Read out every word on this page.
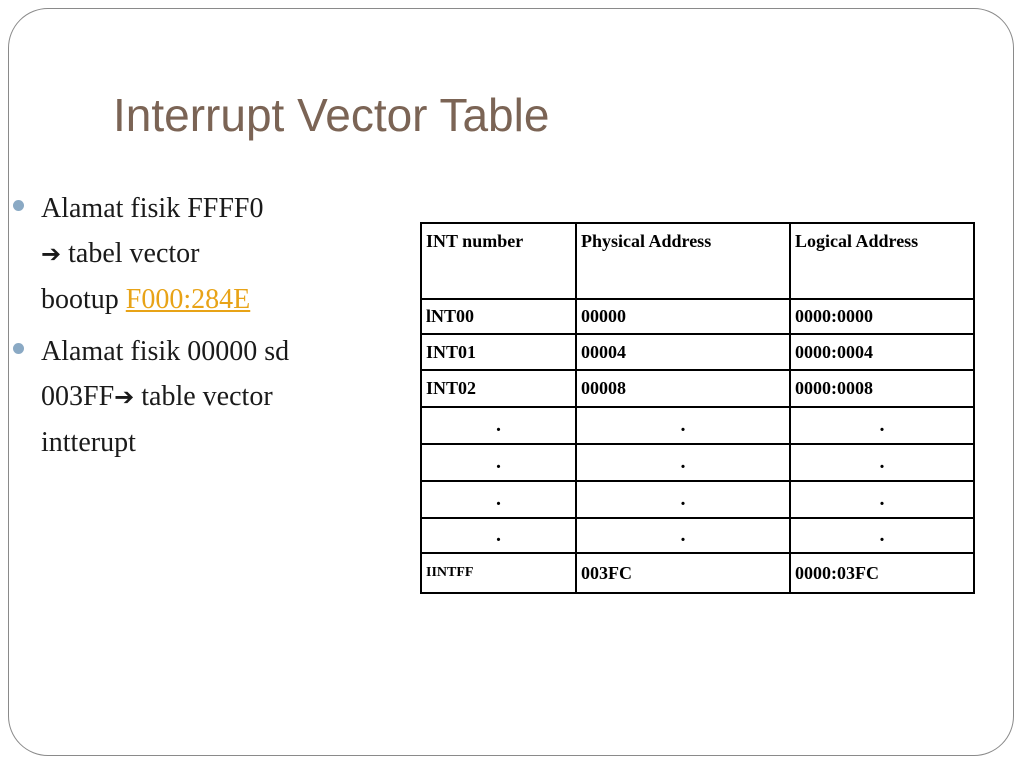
Interrupt Vector Table
Alamat fisik FFFF0
➔ tabel vector
bootup F000:284E
Alamat fisik 00000 sd
003FF➔ table vector
intterupt
INT number	Physical Address	Logical Address
lNT00	00000	0000:0000
INT01	00004	0000:0004
INT02	00008	0000:0008
.	.	.
.	.	.
.	.	.
.	.	.
IINTFF	003FC	0000:03FC
